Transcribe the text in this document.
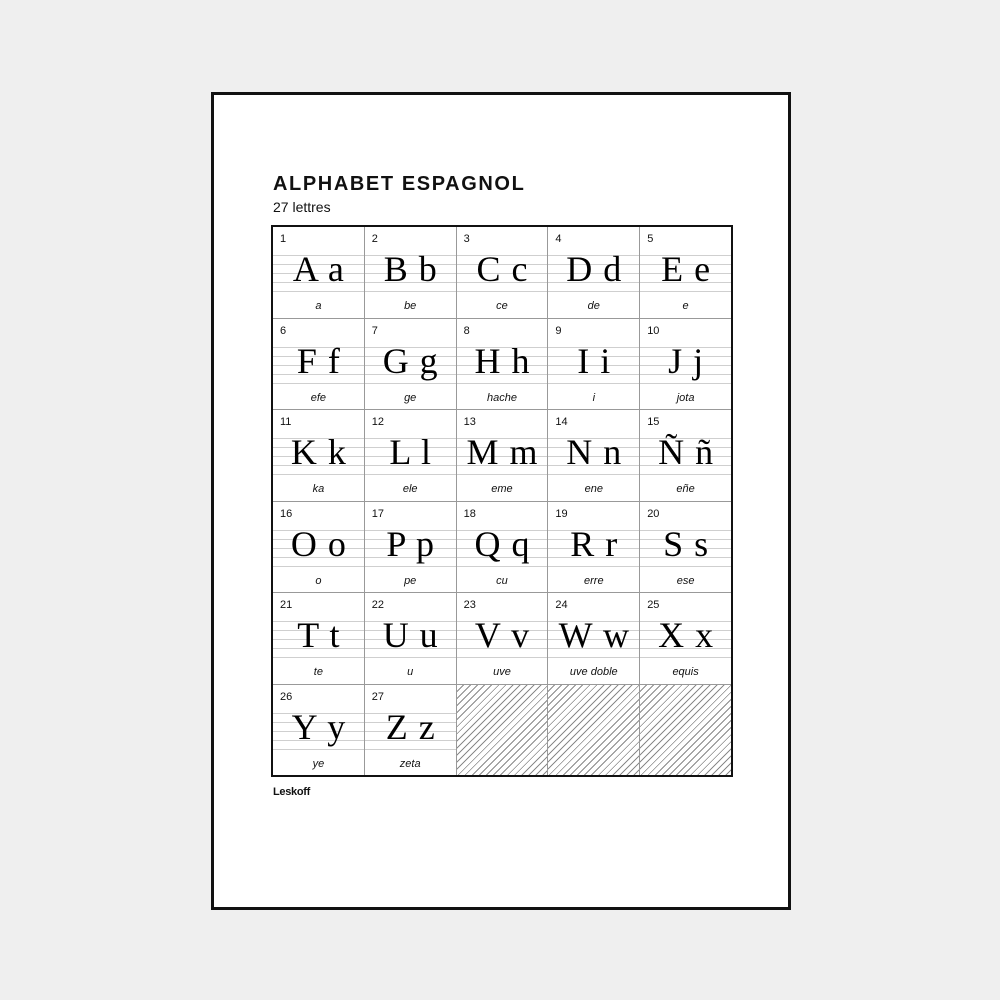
ALPHABET ESPAGNOL
27 lettres
1
A a
a
2
B b
be
3
C c
ce
4
D d
de
5
E e
e
6
F f
efe
7
G g
ge
8
H h
hache
9
I i
i
10
J j
jota
11
K k
ka
12
L l
ele
13
M m
eme
14
N n
ene
15
Ñ ñ
eñe
16
O o
o
17
P p
pe
18
Q q
cu
19
R r
erre
20
S s
ese
21
T t
te
22
U u
u
23
V v
uve
24
W w
uve doble
25
X x
equis
26
Y y
ye
27
Z z
zeta
Leskoff
